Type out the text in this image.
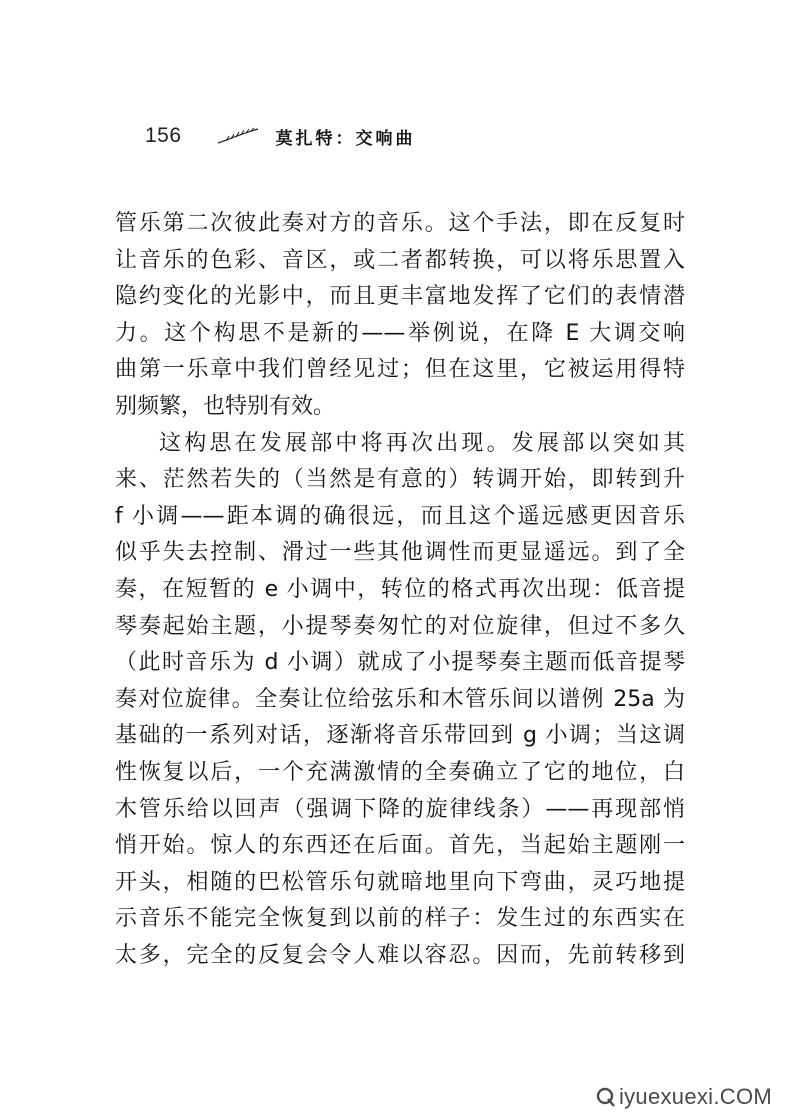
156	莫扎特：交响曲
管乐第二次彼此奏对方的音乐。这个手法，即在反复时
让音乐的色彩、音区，或二者都转换，可以将乐思置入
隐约变化的光影中，而且更丰富地发挥了它们的表情潜
力。这个构思不是新的——举例说，在降 E 大调交响
曲第一乐章中我们曾经见过；但在这里，它被运用得特
别频繁，也特别有效。
这构思在发展部中将再次出现。发展部以突如其
来、茫然若失的（当然是有意的）转调开始，即转到升
f 小调——距本调的确很远，而且这个遥远感更因音乐
似乎失去控制、滑过一些其他调性而更显遥远。到了全
奏，在短暂的 e 小调中，转位的格式再次出现：低音提
琴奏起始主题，小提琴奏匆忙的对位旋律，但过不多久
（此时音乐为 d 小调）就成了小提琴奏主题而低音提琴
奏对位旋律。全奏让位给弦乐和木管乐间以谱例 25a 为
基础的一系列对话，逐渐将音乐带回到 g 小调；当这调
性恢复以后，一个充满激情的全奏确立了它的地位，白
木管乐给以回声（强调下降的旋律线条）——再现部悄
悄开始。惊人的东西还在后面。首先，当起始主题刚一
开头，相随的巴松管乐句就暗地里向下弯曲，灵巧地提
示音乐不能完全恢复到以前的样子：发生过的东西实在
太多，完全的反复会令人难以容忍。因而，先前转移到
iyuexuexi.COM
